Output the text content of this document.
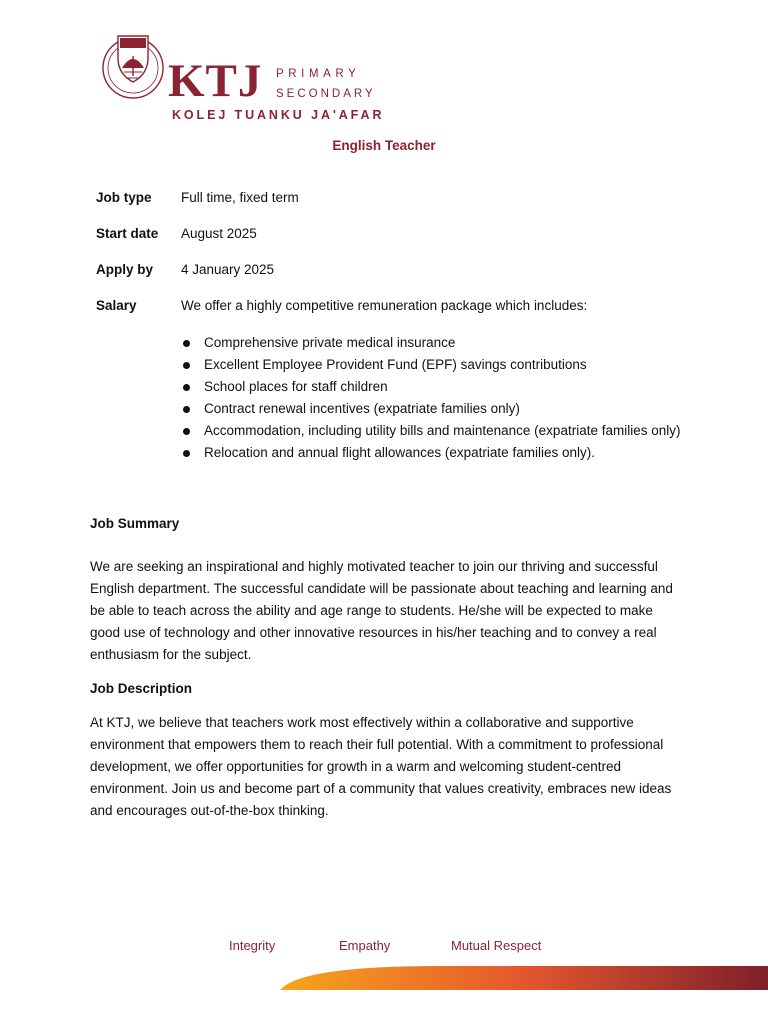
KTJ PRIMARY

SECONDARY

KOLEJ TUANKU JA'AFAR

English Teacher

Job type Full time, fixed term

Start date August 2025

Apply by 4 January 2025

Salary	We offer a highly competitive remuneration package which includes:

Comprehensive private medical insurance
Excellent Employee Provident Fund (EPF) savings contributions
School places for staff children
Contract renewal incentives (expatriate families only)
Accommodation, including utility bills and maintenance (expatriate families only)
Relocation and annual flight allowances (expatriate families only).
Job Summary

We are seeking an inspirational and highly motivated teacher to join our thriving and successful English department. The successful candidate will be passionate about teaching and learning and be able to teach across the ability and age range to students. He/she will be expected to make good use of technology and other innovative resources in his/her teaching and to convey a real enthusiasm for the subject.

Job Description

At KTJ, we believe that teachers work most effectively within a collaborative and supportive environment that empowers them to reach their full potential. With a commitment to professional development, we offer opportunities for growth in a warm and welcoming student-centred environment. Join us and become part of a community that values creativity, embraces new ideas and encourages out-of-the-box thinking.

Integrity	Empathy	Mutual Respect
